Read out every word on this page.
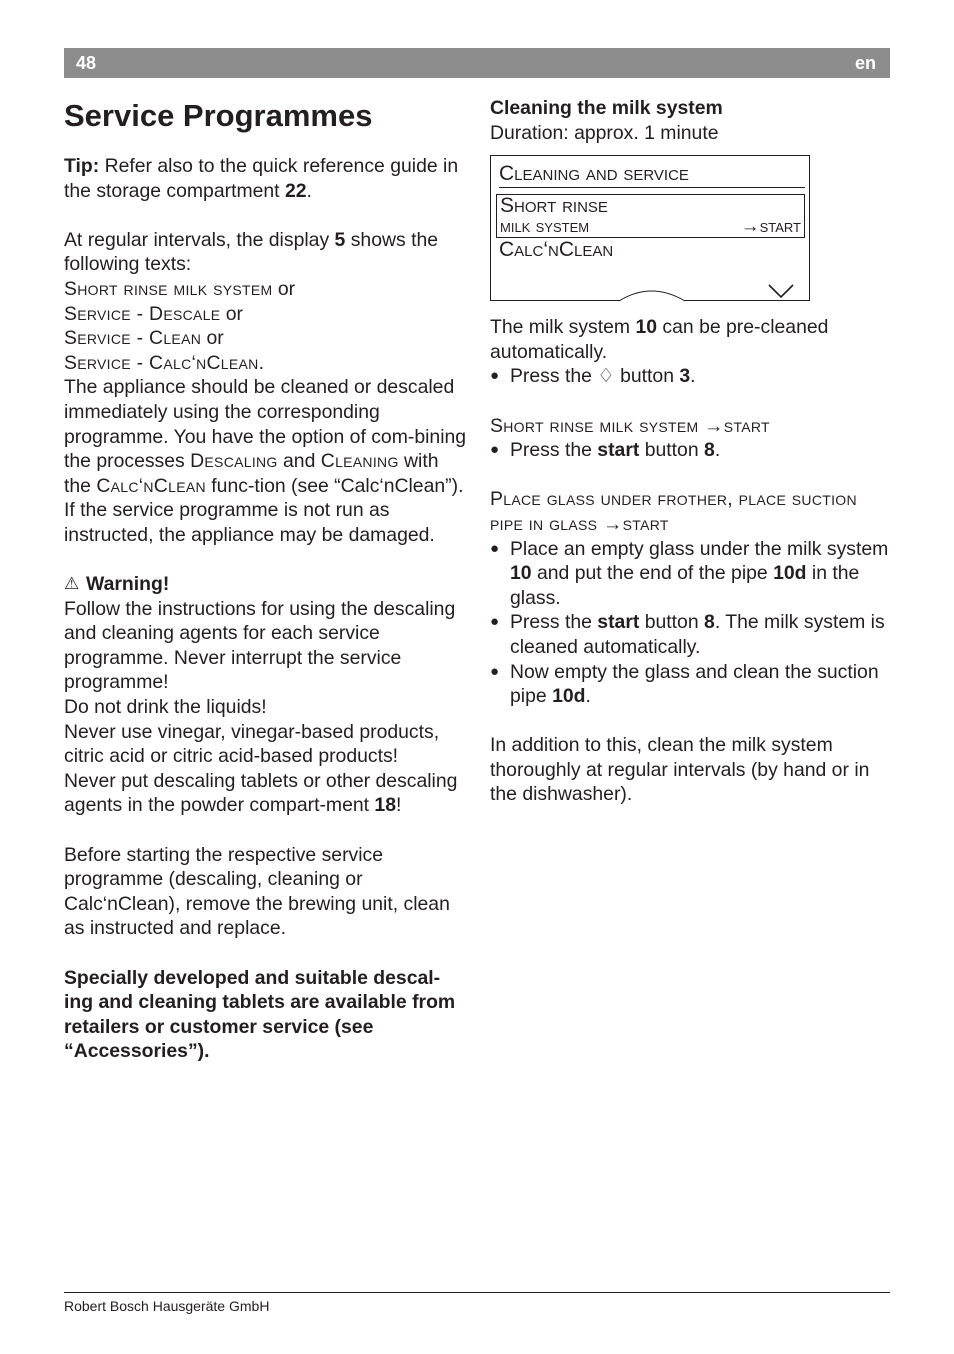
48	en
Service Programmes

Tip: Refer also to the quick reference guide in the storage compartment 22.

At regular intervals, the display 5 shows the following texts:

Short rinse milk system or

Service - Descale or

Service - Clean or

Service - Calc‘nClean.

The appliance should be cleaned or descaled immediately using the corresponding programme. You have the option of com-bining the processes Descaling and Cleaning with the Calc‘nClean func-tion (see “Calc‘nClean”). If the service programme is not run as instructed, the appliance may be damaged.

⚠ Warning!

Follow the instructions for using the descaling and cleaning agents for each service programme. Never interrupt the service programme!

Do not drink the liquids!

Never use vinegar, vinegar-based products, citric acid or citric acid-based products!

Never put descaling tablets or other descaling agents in the powder compart-ment 18!

Before starting the respective service programme (descaling, cleaning or Calc‘nClean), remove the brewing unit, clean as instructed and replace.

Specially developed and suitable descal-ing and cleaning tablets are available from retailers or customer service (see “Accessories”).

Cleaning the milk system

Duration: approx. 1 minute

Cleaning and service
Short rinse
milk system	→start
Calc‘nClean

The milk system 10 can be pre-cleaned automatically.

● Press the ♢ button 3.

Short rinse milk system →start

● Press the start button 8.

Place glass under frother, place suction pipe in glass →start

● Place an empty glass under the milk system 10 and put the end of the pipe 10d in the glass.

● Press the start button 8. The milk system is cleaned automatically.

● Now empty the glass and clean the suction pipe 10d.

In addition to this, clean the milk system thoroughly at regular intervals (by hand or in the dishwasher).

Robert Bosch Hausgeräte GmbH
